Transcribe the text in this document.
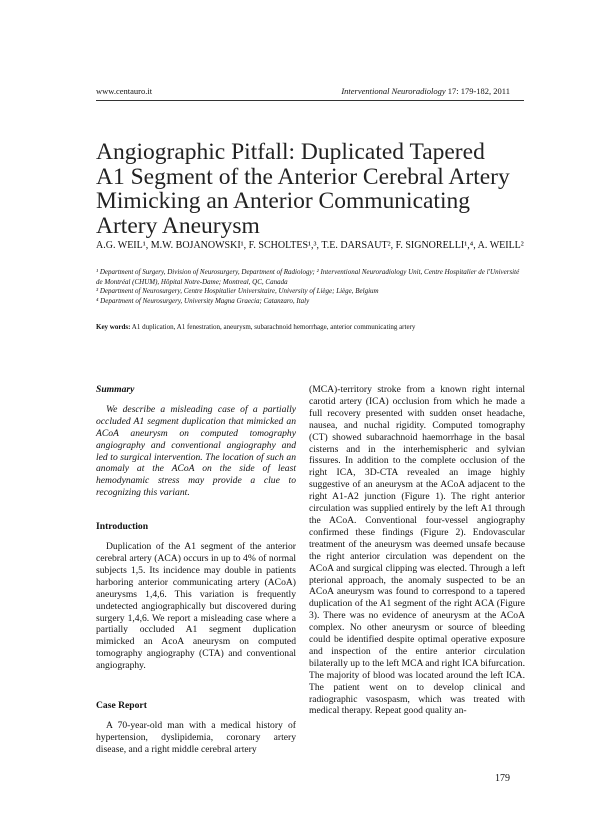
www.centauro.it	Interventional Neuroradiology 17: 179-182, 2011
Angiographic Pitfall: Duplicated Tapered A1 Segment of the Anterior Cerebral Artery Mimicking an Anterior Communicating Artery Aneurysm
A.G. WEIL¹, M.W. BOJANOWSKI¹, F. SCHOLTES¹,³, T.E. DARSAUT², F. SIGNORELLI¹,⁴, A. WEILL²
¹ Department of Surgery, Division of Neurosurgery, Department of Radiology; ² Interventional Neuroradiology Unit, Centre Hospitalier de l'Université de Montréal (CHUM), Hôpital Notre-Dame; Montreal, QC, Canada
³ Department of Neurosurgery, Centre Hospitalier Universitaire, University of Liège; Liège, Belgium
⁴ Department of Neurosurgery, University Magna Graecia; Catanzaro, Italy
Key words: A1 duplication, A1 fenestration, aneurysm, subarachnoid hemorrhage, anterior communicating artery
Summary

We describe a misleading case of a partially occluded A1 segment duplication that mimicked an ACoA aneurysm on computed tomography angiography and conventional angiography and led to surgical intervention. The location of such an anomaly at the ACoA on the side of least hemodynamic stress may provide a clue to recognizing this variant.

Introduction

Duplication of the A1 segment of the anterior cerebral artery (ACA) occurs in up to 4% of normal subjects 1,5. Its incidence may double in patients harboring anterior communicating artery (ACoA) aneurysms 1,4,6. This variation is frequently undetected angiographically but discovered during surgery 1,4,6. We report a misleading case where a partially occluded A1 segment duplication mimicked an AcoA aneurysm on computed tomography angiography (CTA) and conventional angiography.

Case Report

A 70-year-old man with a medical history of hypertension, dyslipidemia, coronary artery disease, and a right middle cerebral artery

(MCA)-territory stroke from a known right internal carotid artery (ICA) occlusion from which he made a full recovery presented with sudden onset headache, nausea, and nuchal rigidity. Computed tomography (CT) showed subarachnoid haemorrhage in the basal cisterns and in the interhemispheric and sylvian fissures. In addition to the complete occlusion of the right ICA, 3D-CTA revealed an image highly suggestive of an aneurysm at the ACoA adjacent to the right A1-A2 junction (Figure 1). The right anterior circulation was supplied entirely by the left A1 through the ACoA. Conventional four-vessel angiography confirmed these findings (Figure 2). Endovascular treatment of the aneurysm was deemed unsafe because the right anterior circulation was dependent on the ACoA and surgical clipping was elected. Through a left pterional approach, the anomaly suspected to be an ACoA aneurysm was found to correspond to a tapered duplication of the A1 segment of the right ACA (Figure 3). There was no evidence of aneurysm at the ACoA complex. No other aneurysm or source of bleeding could be identified despite optimal operative exposure and inspection of the entire anterior circulation bilaterally up to the left MCA and right ICA bifurcation. The majority of blood was located around the left ICA. The patient went on to develop clinical and radiographic vasospasm, which was treated with medical therapy. Repeat good quality an-

179
